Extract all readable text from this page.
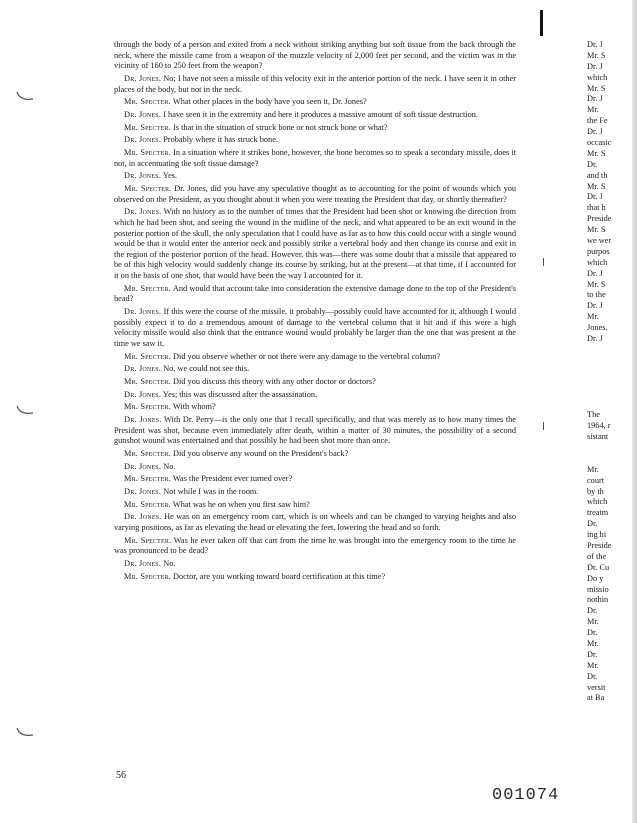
through the body of a person and exited from a neck without striking anything but soft tissue from the back through the neck, where the missile came from a weapon of the muzzle velocity of 2,000 feet per second, and the victim was in the vicinity of 160 to 250 feet from the weapon?

Dr. Jones. No; I have not seen a missile of this velocity exit in the anterior portion of the neck. I have seen it in other places of the body, but not in the neck.

Mr. Specter. What other places in the body have you seen it, Dr. Jones?

Dr. Jones. I have seen it in the extremity and here it produces a massive amount of soft tissue destruction.

Mr. Specter. Is that in the situation of struck bone or not struck bone or what?

Dr. Jones. Probably where it has struck bone.

Mr. Specter. In a situation where it strikes bone, however, the bone becomes so to speak a secondary missile, does it not, in accentuating the soft tissue damage?

Dr. Jones. Yes.

Mr. Specter. Dr. Jones, did you have any speculative thought as to accounting for the point of wounds which you observed on the President, as you thought about it when you were treating the President that day, or shortly thereafter?

Dr. Jones. With no history as to the number of times that the President had been shot or knowing the direction from which he had been shot, and seeing the wound in the midline of the neck, and what appeared to be an exit wound in the posterior portion of the skull, the only speculation that I could have as far as to how this could occur with a single wound would be that it would enter the anterior neck and possibly strike a vertebral body and then change its course and exit in the region of the posterior portion of the head. However, this was—there was some doubt that a missile that appeared to be of this high velocity would suddenly change its course by striking, but at the present—at that time, if I accounted for it on the basis of one shot, that would have been the way I accounted for it.

Mr. Specter. And would that account take into consideration the extensive damage done to the top of the President's head?

Dr. Jones. If this were the course of the missile, it probably—possibly could have accounted for it, although I would possibly expect it to do a tremendous amount of damage to the vertebral column that it hit and if this were a high velocity missile would also think that the entrance wound would probably be larger than the one that was present at the time we saw it.

Mr. Specter. Did you observe whether or not there were any damage to the vertebral column?

Dr. Jones. No, we could not see this.

Mr. Specter. Did you discuss this theory with any other doctor or doctors?

Dr. Jones. Yes; this was discussed after the assassination.

Mr. Specter. With whom?

Dr. Jones. With Dr. Perry—is the only one that I recall specifically, and that was merely as to how many times the President was shot, because even immediately after death, within a matter of 30 minutes, the possibility of a second gunshot wound was entertained and that possibly he had been shot more than once.

Mr. Specter. Did you observe any wound on the President's back?

Dr. Jones. No.

Mr. Specter. Was the President ever turned over?

Dr. Jones. Not while I was in the room.

Mr. Specter. What was he on when you first saw him?

Dr. Jones. He was on an emergency room cart, which is on wheels and can be changed to varying heights and also varying positions, as far as elevating the head or elevating the feet, lowering the head and so forth.

Mr. Specter. Was he ever taken off that cart from the time he was brought into the emergency room to the time he was pronounced to be dead?

Dr. Jones. No.

Mr. Specter. Doctor, are you working toward board certification at this time?

Dr. J
Mr. S
Dr. J
which
Mr. S
Dr. J
Mr.
the Fe
Dr. J
occasic
Mr. S
Dr.
and th
Mr. S
Dr. J
that h
Preside
Mr. S
we wer
purpos
which
Dr. J
Mr. S
to the
Dr. J
Mr.
Jones.
Dr. J
The
1964, r
sistant
Mr.
court
by th
which
treatm
Dr.
ing hi
Preside
of the
Dr. Cu
Do y
missio
nothin
Dr.
Mr.
Dr.
Mr.
Dr.
Mr.
Dr.
versit
at Ba
56
001074
